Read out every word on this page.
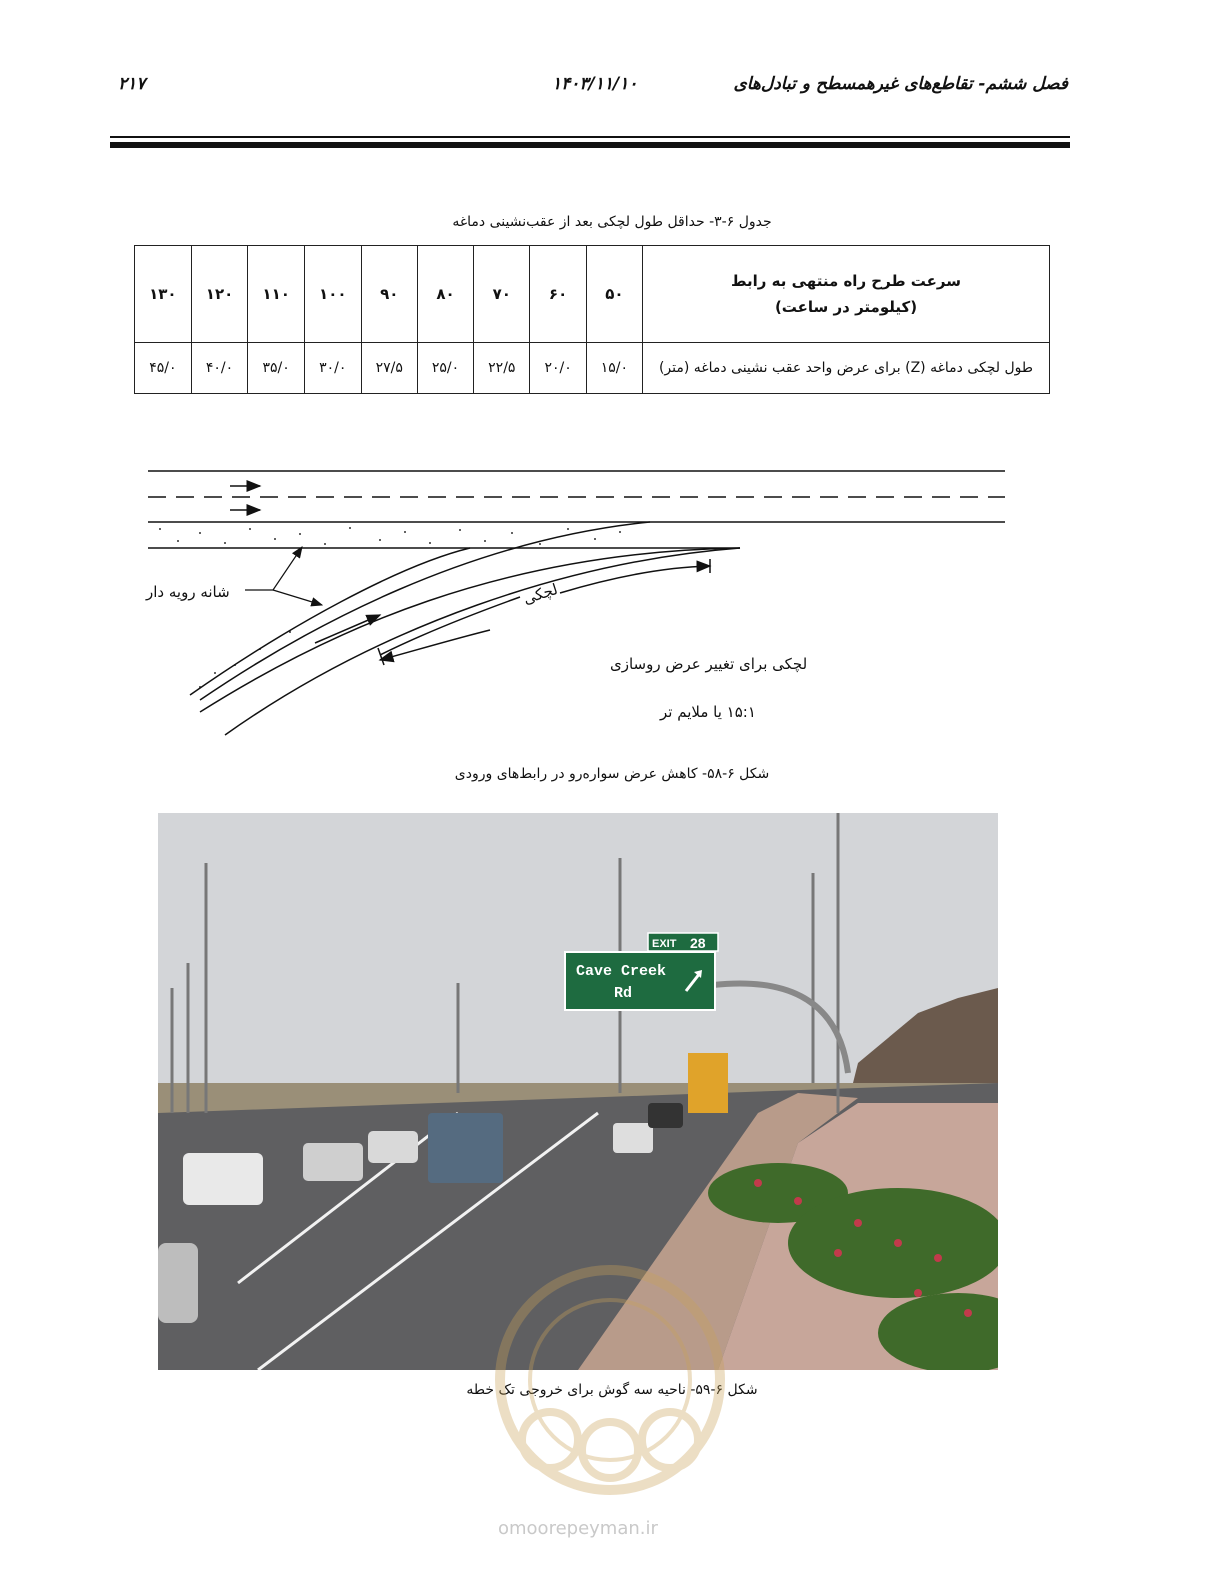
فصل ششم- تقاطع‌های غیرهمسطح و تبادل‌های
۱۴۰۳/۱۱/۱۰
۲۱۷
جدول ۶-۳- حداقل طول لچکی بعد از عقب‌نشینی دماغه
سرعت طرح راه منتهی به رابط
(کیلومتر در ساعت)	۵۰	۶۰	۷۰	۸۰	۹۰	۱۰۰	۱۱۰	۱۲۰	۱۳۰
طول لچکی دماغه (Z) برای عرض واحد عقب نشینی دماغه (متر)	۱۵/۰	۲۰/۰	۲۲/۵	۲۵/۰	۲۷/۵	۳۰/۰	۳۵/۰	۴۰/۰	۴۵/۰
شانه رویه دار	لچکی
لچکی برای تغییر عرض روسازی
۱۵:۱ یا ملایم تر
شکل ۶-۵۸- کاهش عرض سواره‌رو در رابط‌های ورودی
EXIT 28
Cave Creek
Rd
شکل ۶-۵۹- ناحیه سه گوش برای خروجی تک خطه
omoorepeyman.ir
